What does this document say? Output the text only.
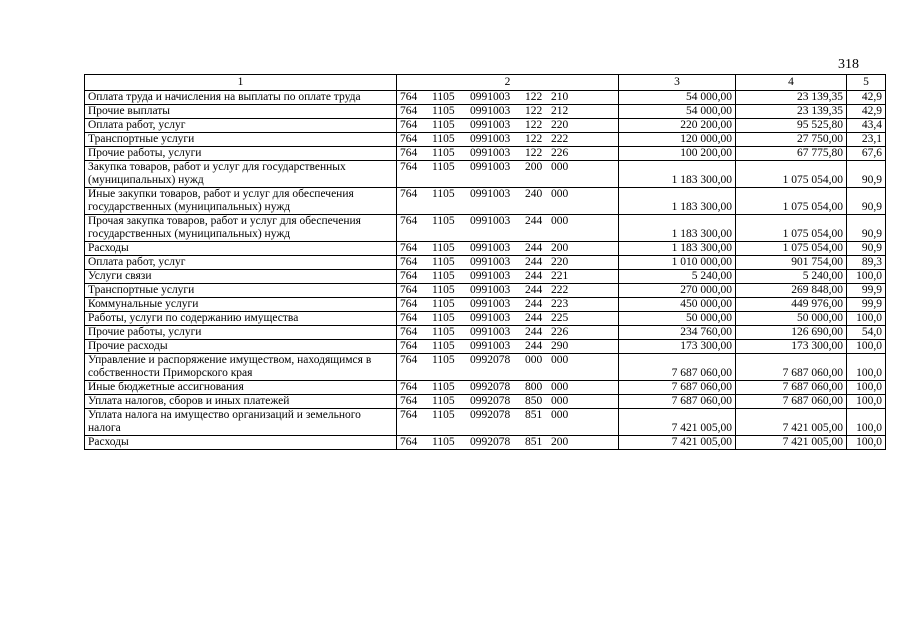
318
1	2	3	4	5
Оплата труда и начисления на выплаты по оплате труда	764 1105 0991003 122 210	54 000,00	23 139,35	42,9
Прочие выплаты	764 1105 0991003 122 212	54 000,00	23 139,35	42,9
Оплата работ, услуг	764 1105 0991003 122 220	220 200,00	95 525,80	43,4
Транспортные услуги	764 1105 0991003 122 222	120 000,00	27 750,00	23,1
Прочие работы, услуги	764 1105 0991003 122 226	100 200,00	67 775,80	67,6
Закупка товаров, работ и услуг для государственных (муниципальных) нужд	764 1105 0991003 200 000	1 183 300,00	1 075 054,00	90,9
Иные закупки товаров, работ и услуг для обеспечения государственных (муниципальных) нужд	764 1105 0991003 240 000	1 183 300,00	1 075 054,00	90,9
Прочая закупка товаров, работ и услуг для обеспечения государственных (муниципальных) нужд	764 1105 0991003 244 000	1 183 300,00	1 075 054,00	90,9
Расходы	764 1105 0991003 244 200	1 183 300,00	1 075 054,00	90,9
Оплата работ, услуг	764 1105 0991003 244 220	1 010 000,00	901 754,00	89,3
Услуги связи	764 1105 0991003 244 221	5 240,00	5 240,00	100,0
Транспортные услуги	764 1105 0991003 244 222	270 000,00	269 848,00	99,9
Коммунальные услуги	764 1105 0991003 244 223	450 000,00	449 976,00	99,9
Работы, услуги по содержанию имущества	764 1105 0991003 244 225	50 000,00	50 000,00	100,0
Прочие работы, услуги	764 1105 0991003 244 226	234 760,00	126 690,00	54,0
Прочие расходы	764 1105 0991003 244 290	173 300,00	173 300,00	100,0
Управление и распоряжение имуществом, находящимся в собственности Приморского края	764 1105 0992078 000 000	7 687 060,00	7 687 060,00	100,0
Иные бюджетные ассигнования	764 1105 0992078 800 000	7 687 060,00	7 687 060,00	100,0
Уплата налогов, сборов и иных платежей	764 1105 0992078 850 000	7 687 060,00	7 687 060,00	100,0
Уплата налога на имущество организаций и земельного налога	764 1105 0992078 851 000	7 421 005,00	7 421 005,00	100,0
Расходы	764 1105 0992078 851 200	7 421 005,00	7 421 005,00	100,0
